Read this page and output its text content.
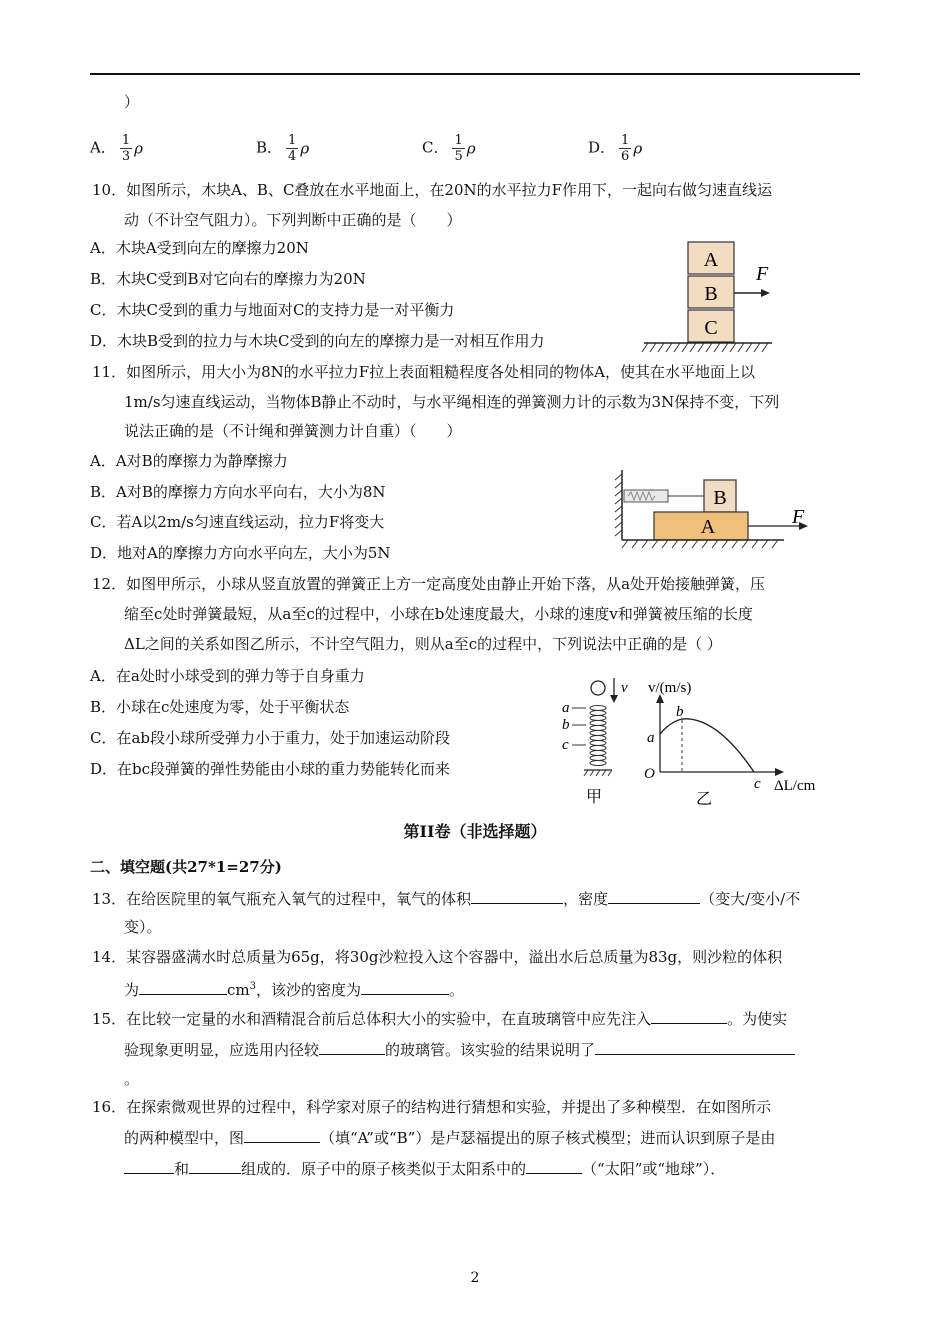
）
A． $\frac{1}{3}$ ρ	B． $\frac{1}{4}$ ρ	C． $\frac{1}{5}$ ρ	D． $\frac{1}{6}$ ρ
10．如图所示，木块A、B、C叠放在水平地面上，在20N的水平拉力F作用下，一起向右做匀速直线运
动（不计空气阻力）。下列判断中正确的是（　　）
A．木块A受到向左的摩擦力20N
B．木块C受到B对它向右的摩擦力为20N
C．木块C受到的重力与地面对C的支持力是一对平衡力
D．木块B受到的拉力与木块C受到的向左的摩擦力是一对相互作用力
A
B
C
F
11．如图所示，用大小为8N的水平拉力F拉上表面粗糙程度各处相同的物体A，使其在水平地面上以
1m/s匀速直线运动，当物体B静止不动时，与水平绳相连的弹簧测力计的示数为3N保持不变，下列
说法正确的是（不计绳和弹簧测力计自重）（　　）
A．A对B的摩擦力为静摩擦力
B．A对B的摩擦力方向水平向右，大小为8N
C．若A以2m/s匀速直线运动，拉力F将变大
D．地对A的摩擦力方向水平向左，大小为5N
B
A	F
12．如图甲所示，小球从竖直放置的弹簧正上方一定高度处由静止开始下落，从a处开始接触弹簧，压
缩至c处时弹簧最短，从a至c的过程中，小球在b处速度最大，小球的速度v和弹簧被压缩的长度
ΔL之间的关系如图乙所示，不计空气阻力，则从a至c的过程中，下列说法中正确的是（ ）
A．在a处时小球受到的弹力等于自身重力
B．小球在c处速度为零，处于平衡状态
C．在ab段小球所受弹力小于重力，处于加速运动阶段
D．在bc段弹簧的弹性势能由小球的重力势能转化而来
v
a
b
c
甲
v/(m/s)
ΔL/cm
O
b
a
c
乙
第II卷（非选择题）
二、填空题(共27*1=27分)
13．在给医院里的氧气瓶充入氧气的过程中，氧气的体积	，密度	（变大/变小/不
变）。
14．某容器盛满水时总质量为65g，将30g沙粒投入这个容器中，溢出水后总质量为83g，则沙粒的体积
为	$cm^3$，该沙的密度为	。
15．在比较一定量的水和酒精混合前后总体积大小的实验中，在直玻璃管中应先注入	。为使实
验现象更明显，应选用内径较	的玻璃管。该实验的结果说明了
。
16．在探索微观世界的过程中，科学家对原子的结构进行猜想和实验，并提出了多种模型．在如图所示
的两种模型中，图	（填“A”或“B”）是卢瑟福提出的原子核式模型；进而认识到原子是由
和	组成的．原子中的原子核类似于太阳系中的	（“太阳”或“地球”）．
2
